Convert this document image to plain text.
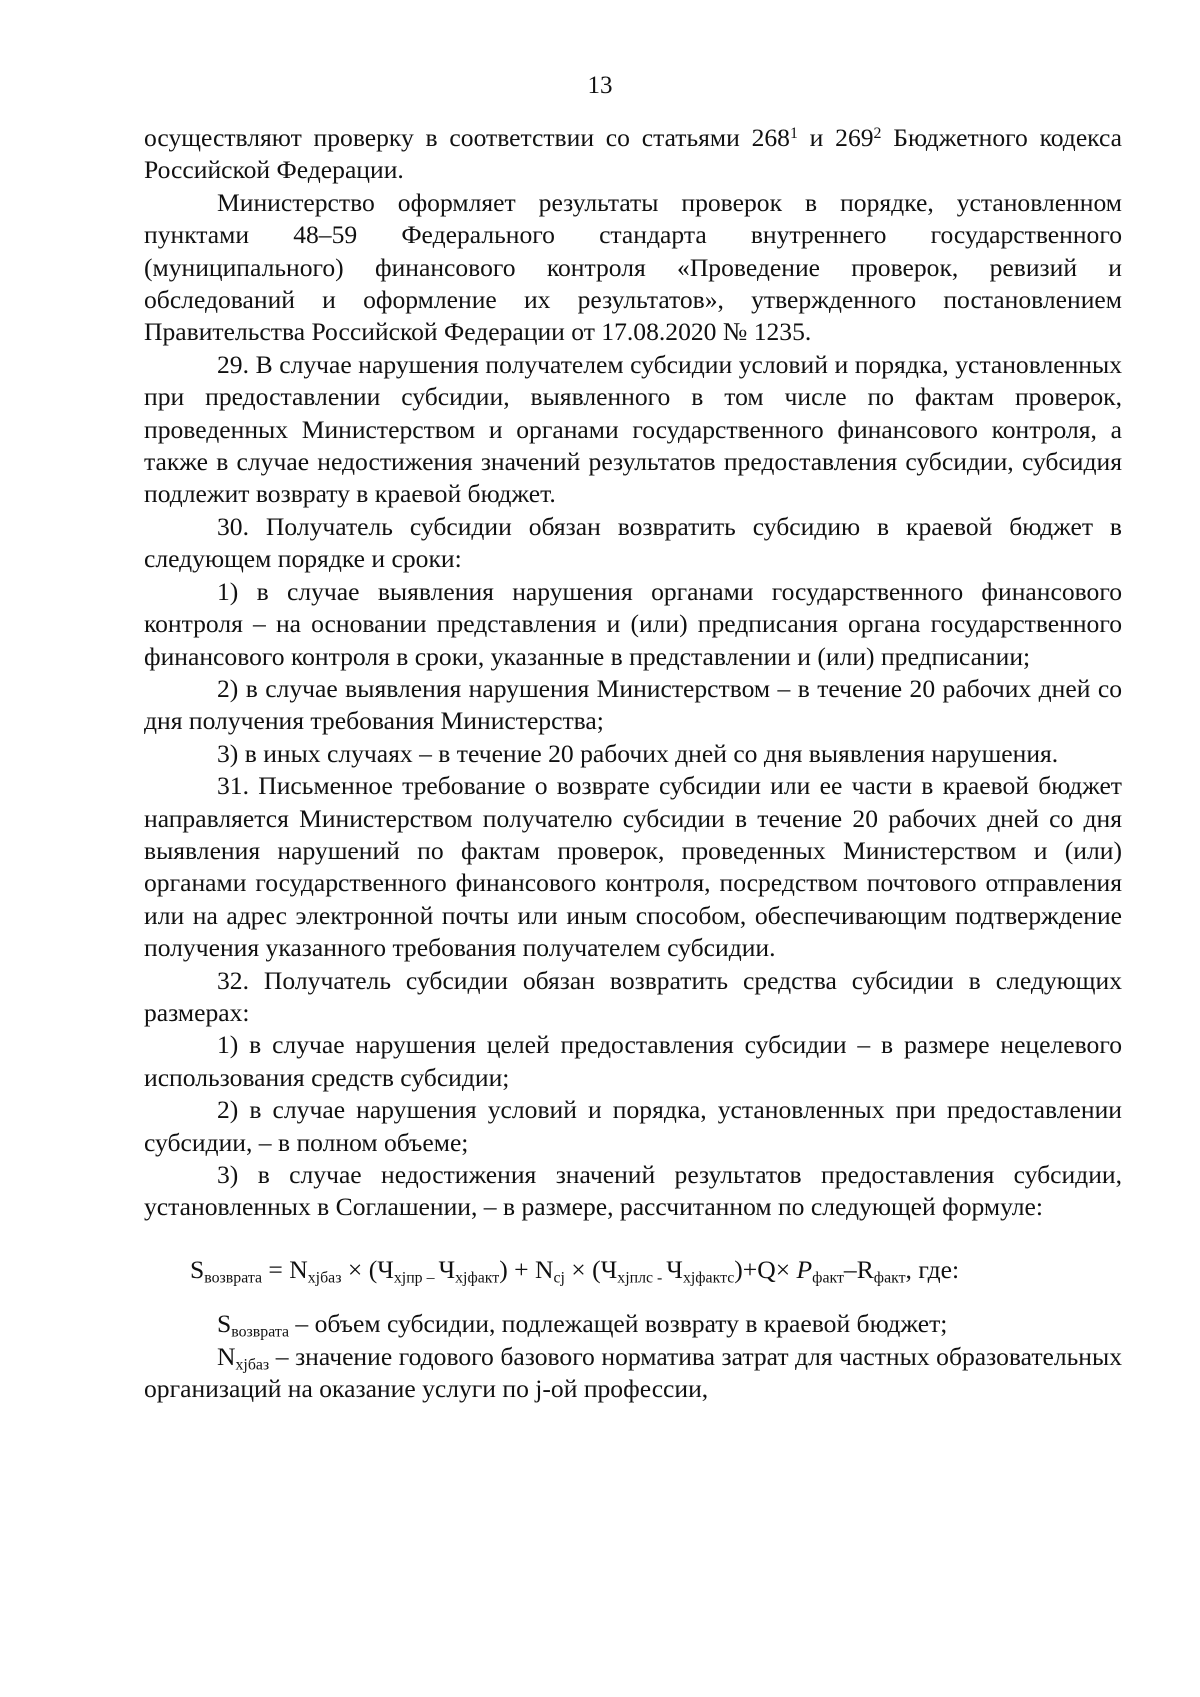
13

осуществляют проверку в соответствии со статьями $268^1$ и $269^2$ Бюджетного кодекса Российской Федерации.

Министерство оформляет результаты проверок в порядке, установленном пунктами 48–59 Федерального стандарта внутреннего государственного (муниципального) финансового контроля «Проведение проверок, ревизий и обследований и оформление их результатов», утвержденного постановлением Правительства Российской Федерации от 17.08.2020 № 1235.

29. В случае нарушения получателем субсидии условий и порядка, установленных при предоставлении субсидии, выявленного в том числе по фактам проверок, проведенных Министерством и органами государственного финансового контроля, а также в случае недостижения значений результатов предоставления субсидии, субсидия подлежит возврату в краевой бюджет.

30. Получатель субсидии обязан возвратить субсидию в краевой бюджет в следующем порядке и сроки:

1) в случае выявления нарушения органами государственного финансового контроля – на основании представления и (или) предписания органа государственного финансового контроля в сроки, указанные в представлении и (или) предписании;

2) в случае выявления нарушения Министерством – в течение 20 рабочих дней со дня получения требования Министерства;

3) в иных случаях – в течение 20 рабочих дней со дня выявления нарушения.

31. Письменное требование о возврате субсидии или ее части в краевой бюджет направляется Министерством получателю субсидии в течение 20 рабочих дней со дня выявления нарушений по фактам проверок, проведенных Министерством и (или) органами государственного финансового контроля, посредством почтового отправления или на адрес электронной почты или иным способом, обеспечивающим подтверждение получения указанного требования получателем субсидии.

32. Получатель субсидии обязан возвратить средства субсидии в следующих размерах:

1) в случае нарушения целей предоставления субсидии – в размере нецелевого использования средств субсидии;

2) в случае нарушения условий и порядка, установленных при предоставлении субсидии, – в полном объеме;

3) в случае недостижения значений результатов предоставления субсидии, установленных в Соглашении, – в размере, рассчитанном по следующей формуле:

$S_{возврата} = N_{xjбаз} \times (Ч_{xjпр -}$ $Ч_{xjфакт}) + N_{cj} \times (Ч_{xjплс -}$ $Ч_{xjфактс})+Q\times Р_{факт}-R_{факт}$, где:

$S_{возврата}$ – объем субсидии, подлежащей возврату в краевой бюджет;

$N_{xjбаз}$ – значение годового базового норматива затрат для частных образовательных организаций на оказание услуги по j-ой профессии,
